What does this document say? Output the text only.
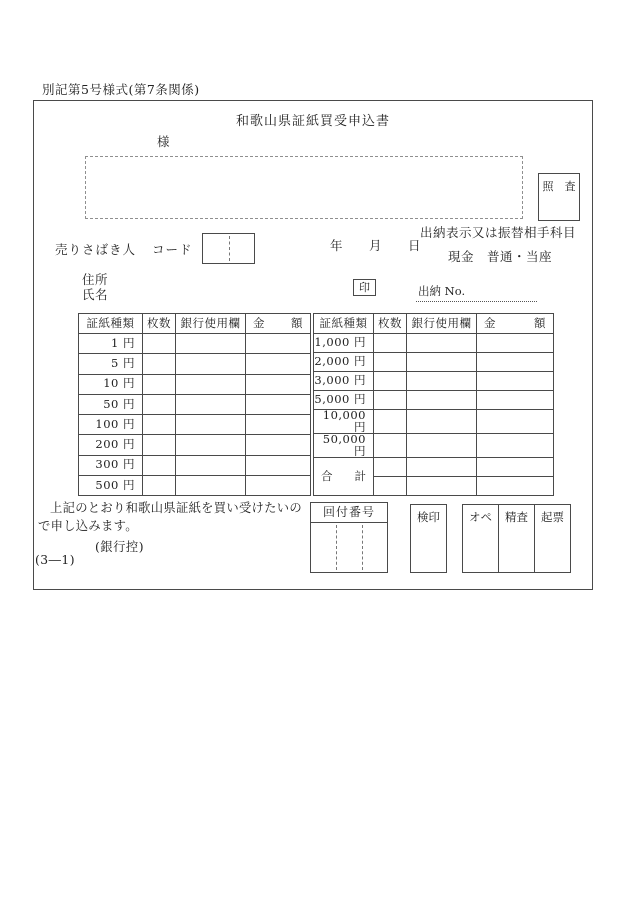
別記第5号様式(第7条関係)
和歌山県証紙買受申込書
様
照　査
売りさばき人 コード	年　　月　　日
出納表示又は振替相手科目
現金　普通・当座
住所
氏名	印	出納 No.
証紙種類	枚数	銀行使用欄	金 額
1 円			
5 円			
10 円			
50 円			
100 円			
200 円			
300 円			
500 円			
証紙種類	枚数	銀行使用欄	金 額
1,000 円			
2,000 円			
3,000 円			
5,000 円			
10,000 円			
50,000 円			
合 計			

上記のとおり和歌山県証紙を買い受けたいので申し込みます。
(銀行控)
(3―1)
回付番号	検印	オペ	精査	起票
